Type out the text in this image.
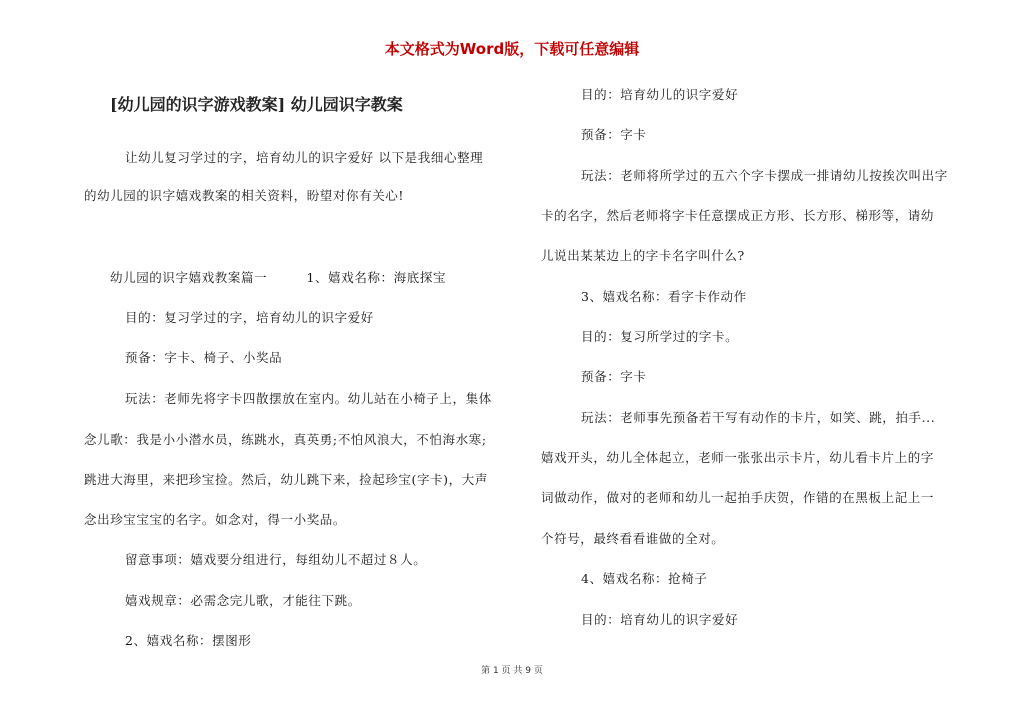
本文格式为Word版，下载可任意编辑
[幼儿园的识字游戏教案] 幼儿园识字教案
让幼儿复习学过的字，培育幼儿的识字爱好 以下是我细心整理
的幼儿园的识字嬉戏教案的相关资料，盼望对你有关心!
幼儿园的识字嬉戏教案篇一　　　1、嬉戏名称：海底探宝
目的：复习学过的字，培育幼儿的识字爱好
预备：字卡、椅子、小奖品
玩法：老师先将字卡四散摆放在室内。幼儿站在小椅子上，集体
念儿歌：我是小小潜水员，练跳水，真英勇;不怕风浪大，不怕海水寒;
跳进大海里，来把珍宝捡。然后，幼儿跳下来，捡起珍宝(字卡)，大声
念出珍宝宝宝的名字。如念对，得一小奖品。
留意事项：嬉戏要分组进行，每组幼儿不超过８人。
嬉戏规章：必需念完儿歌，才能往下跳。
2、嬉戏名称：摆图形
目的：培育幼儿的识字爱好
预备：字卡
玩法：老师将所学过的五六个字卡摆成一排请幼儿按挨次叫出字
卡的名字，然后老师将字卡任意摆成正方形、长方形、梯形等，请幼
儿说出某某边上的字卡名字叫什么?
3、嬉戏名称：看字卡作动作
目的：复习所学过的字卡。
预备：字卡
玩法：老师事先预备若干写有动作的卡片，如笑、跳，拍手...
嬉戏开头，幼儿全体起立，老师一张张出示卡片，幼儿看卡片上的字
词做动作，做对的老师和幼儿一起拍手庆贺，作错的在黑板上記上一
个符号，最终看看谁做的全对。
4、嬉戏名称：抢椅子
目的：培育幼儿的识字爱好
第 1 页 共 9 页
